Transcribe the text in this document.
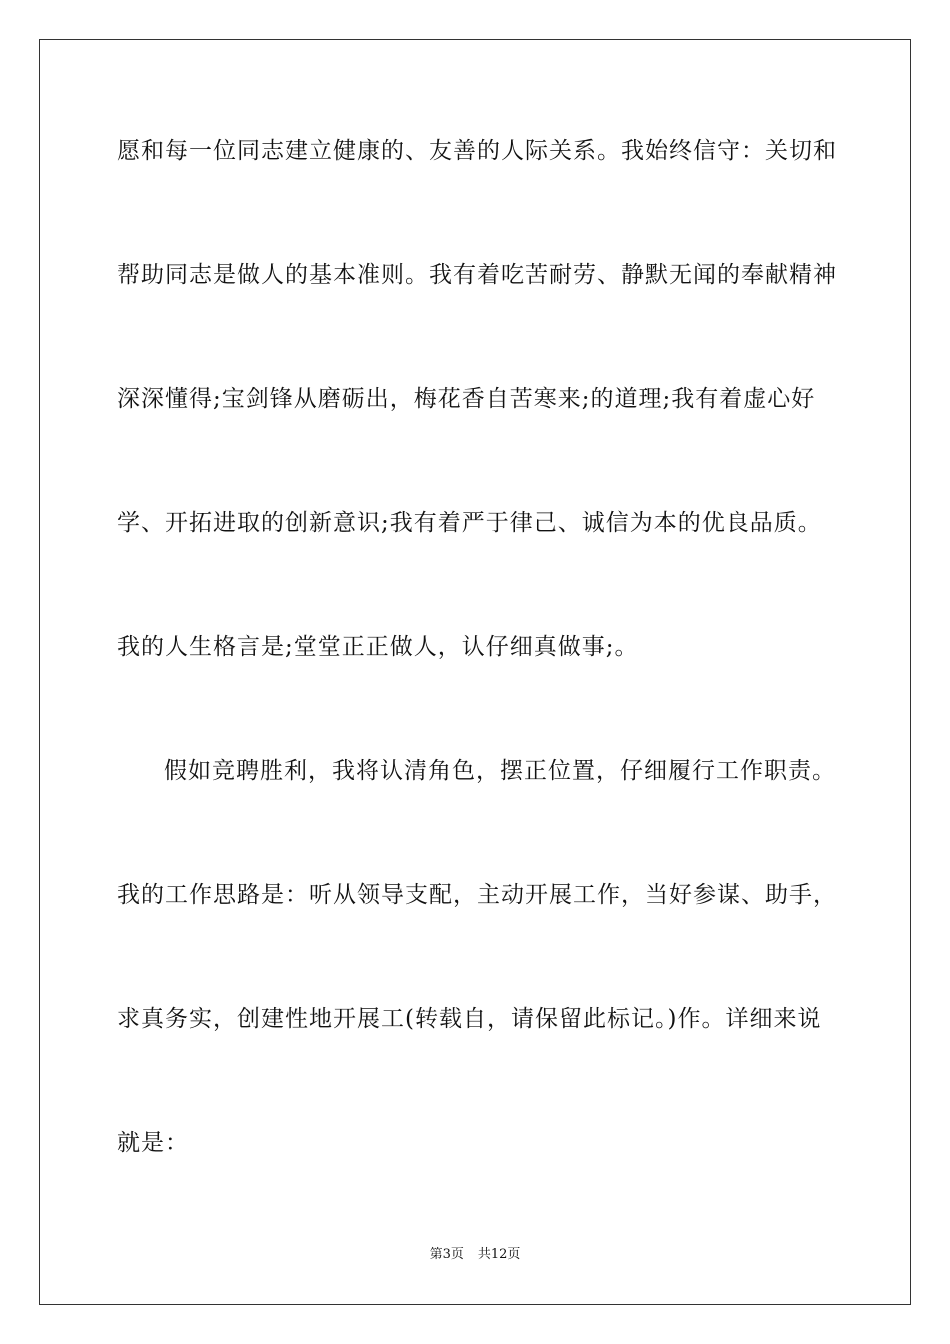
愿和每一位同志建立健康的、友善的人际关系。我始终信守：关切和
帮助同志是做人的基本准则。我有着吃苦耐劳、静默无闻的奉献精神
深深懂得;宝剑锋从磨砺出，梅花香自苦寒来;的道理;我有着虚心好
学、开拓进取的创新意识;我有着严于律己、诚信为本的优良品质。
我的人生格言是;堂堂正正做人，认仔细真做事;。
假如竞聘胜利，我将认清角色，摆正位置，仔细履行工作职责。
我的工作思路是：听从领导支配，主动开展工作，当好参谋、助手，
求真务实，创建性地开展工(转载自，请保留此标记。)作。详细来说
就是：
第3页 共12页
